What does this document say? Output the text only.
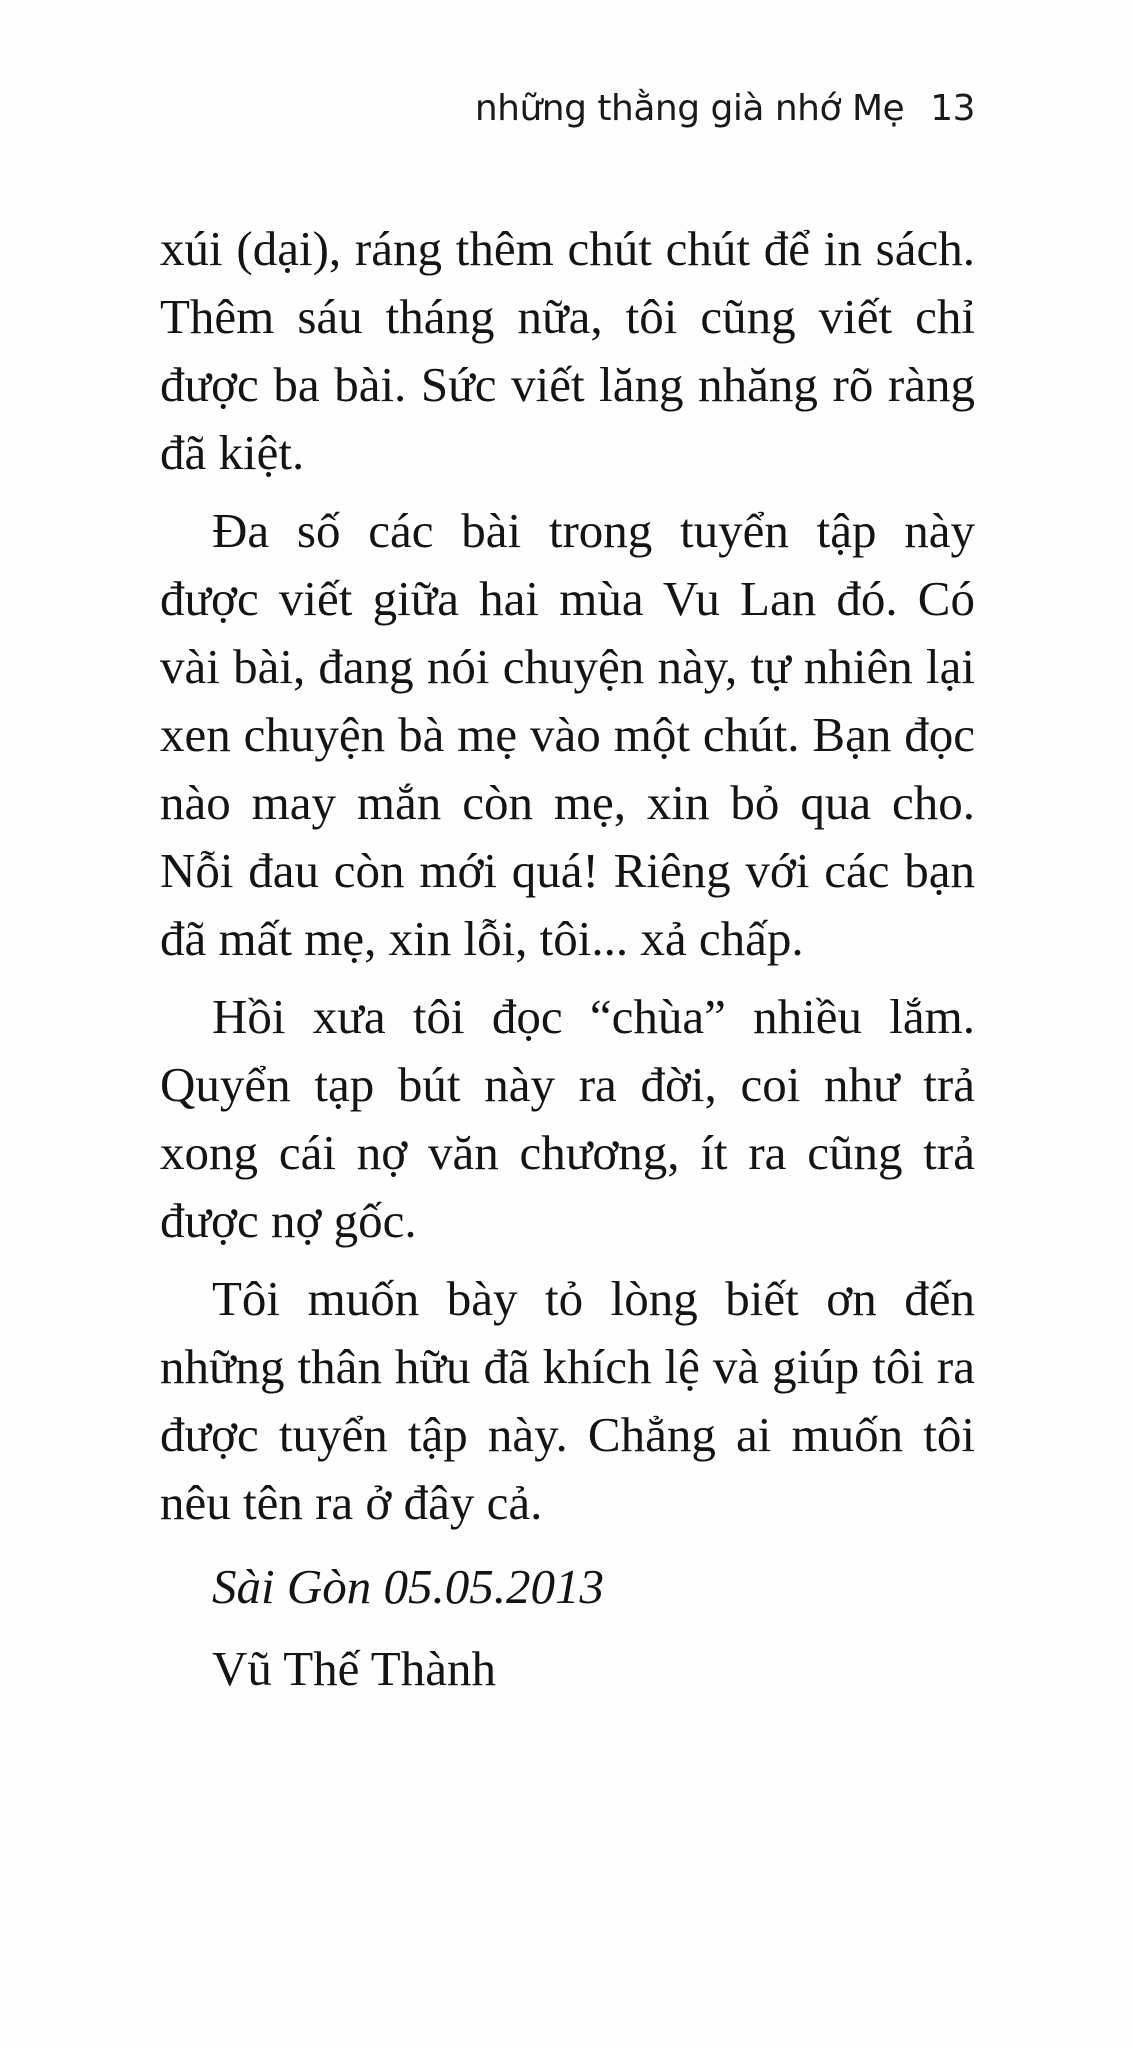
những thằng già nhớ Mẹ 13

xúi (dại), ráng thêm chút chút để in sách. Thêm sáu tháng nữa, tôi cũng viết chỉ được ba bài. Sức viết lăng nhăng rõ ràng đã kiệt.

Đa số các bài trong tuyển tập này được viết giữa hai mùa Vu Lan đó. Có vài bài, đang nói chuyện này, tự nhiên lại xen chuyện bà mẹ vào một chút. Bạn đọc nào may mắn còn mẹ, xin bỏ qua cho. Nỗi đau còn mới quá! Riêng với các bạn đã mất mẹ, xin lỗi, tôi... xả chấp.

Hồi xưa tôi đọc “chùa” nhiều lắm. Quyển tạp bút này ra đời, coi như trả xong cái nợ văn chương, ít ra cũng trả được nợ gốc.

Tôi muốn bày tỏ lòng biết ơn đến những thân hữu đã khích lệ và giúp tôi ra được tuyển tập này. Chẳng ai muốn tôi nêu tên ra ở đây cả.

Sài Gòn 05.05.2013
Vũ Thế Thành
